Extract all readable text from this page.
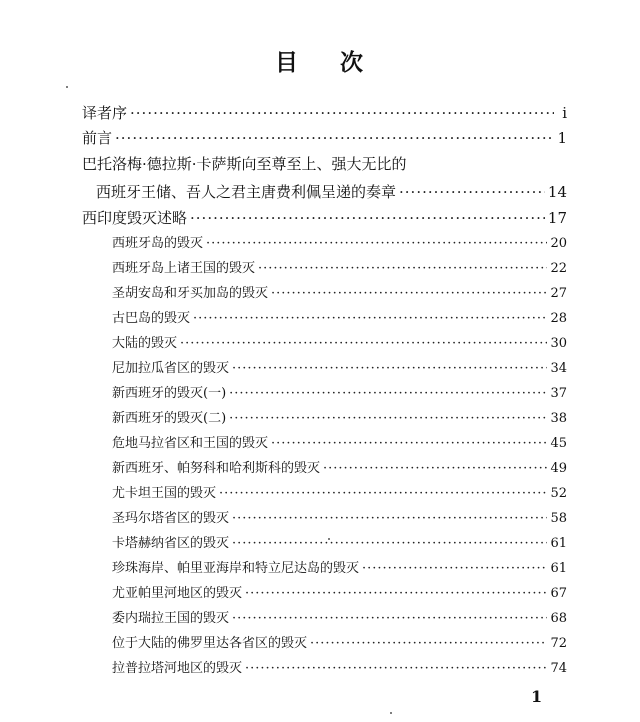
目 次
译者序 ·····	i
前言 ·····	1
巴托洛梅·德拉斯·卡萨斯向至尊至上、强大无比的
西班牙王储、吾人之君主唐费利佩呈递的奏章 ·····	14
西印度毁灭述略 ·····	17
西班牙岛的毁灭 ·····	20
西班牙岛上诸王国的毁灭 ·····	22
圣胡安岛和牙买加岛的毁灭 ·····	27
古巴岛的毁灭 ·····	28
大陆的毁灭 ·····	30
尼加拉瓜省区的毁灭 ·····	34
新西班牙的毁灭(一) ·····	37
新西班牙的毁灭(二) ·····	38
危地马拉省区和王国的毁灭 ·····	45
新西班牙、帕努科和哈利斯科的毁灭 ·····	49
尤卡坦王国的毁灭 ·····	52
圣玛尔塔省区的毁灭 ·····	58
卡塔赫纳省区的毁灭 ·····	61
珍珠海岸、帕里亚海岸和特立尼达岛的毁灭 ·····	61
尤亚帕里河地区的毁灭 ·····	67
委内瑞拉王国的毁灭 ·····	68
位于大陆的佛罗里达各省区的毁灭 ·····	72
拉普拉塔河地区的毁灭 ·····	74
1
